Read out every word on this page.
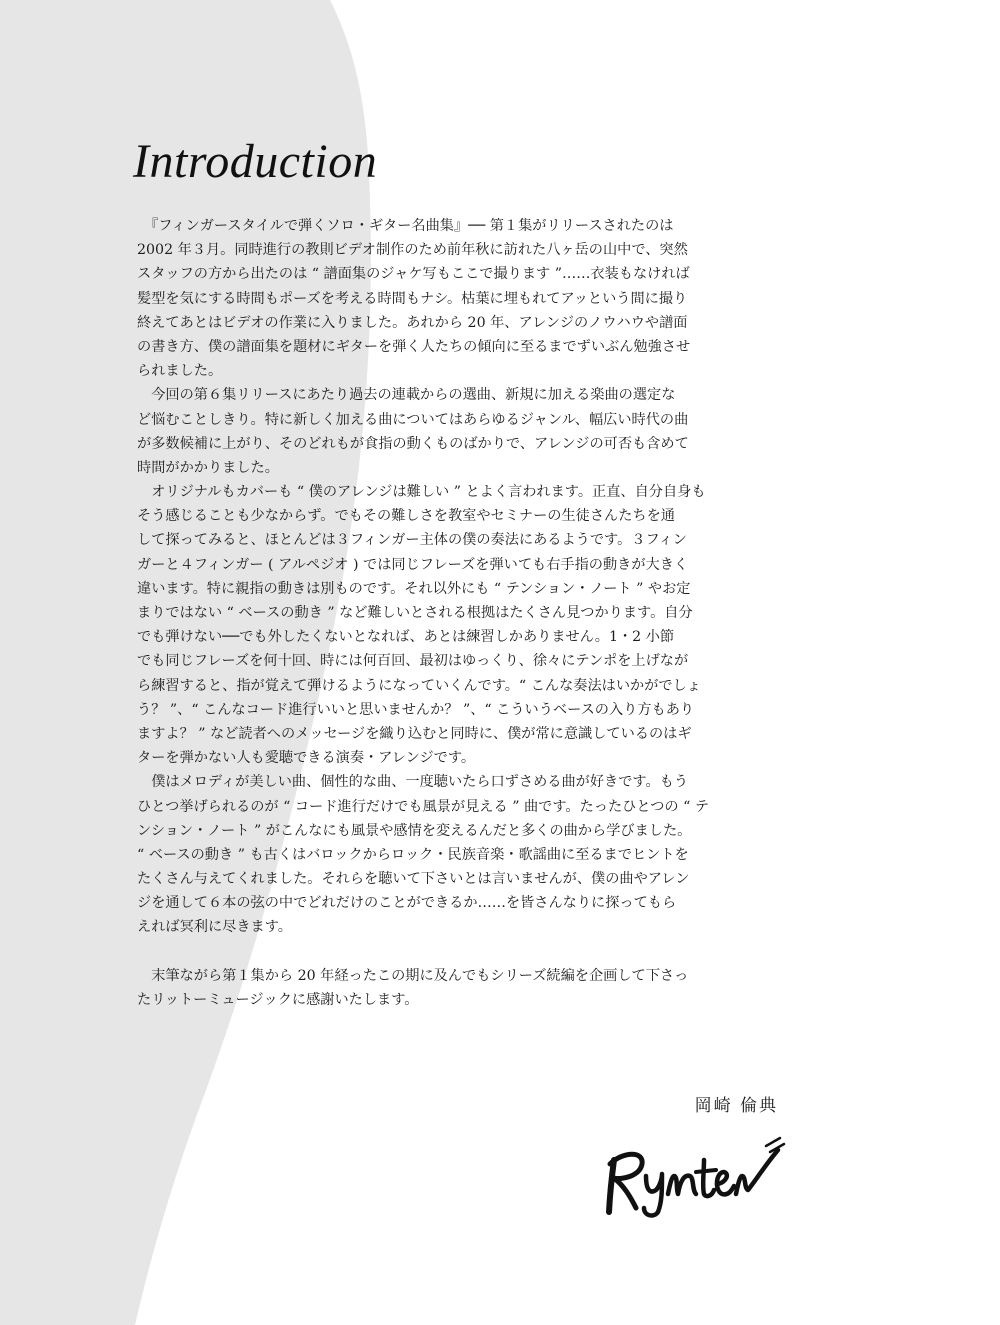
Introduction
　『フィンガースタイルで弾くソロ・ギター名曲集』── 第１集がリリースされたのは
2002 年３月。同時進行の教則ビデオ制作のため前年秋に訪れた八ヶ岳の山中で、突然
スタッフの方から出たのは “ 譜面集のジャケ写もここで撮ります ”……衣装もなければ
髪型を気にする時間もポーズを考える時間もナシ。枯葉に埋もれてアッという間に撮り
終えてあとはビデオの作業に入りました。あれから 20 年、アレンジのノウハウや譜面
の書き方、僕の譜面集を題材にギターを弾く人たちの傾向に至るまでずいぶん勉強させ
られました。
　今回の第６集リリースにあたり過去の連載からの選曲、新規に加える楽曲の選定な
ど悩むことしきり。特に新しく加える曲についてはあらゆるジャンル、幅広い時代の曲
が多数候補に上がり、そのどれもが食指の動くものばかりで、アレンジの可否も含めて
時間がかかりました。
　オリジナルもカバーも “ 僕のアレンジは難しい ” とよく言われます。正直、自分自身も
そう感じることも少なからず。でもその難しさを教室やセミナーの生徒さんたちを通
して探ってみると、ほとんどは３フィンガー主体の僕の奏法にあるようです。３フィン
ガーと４フィンガー ( アルペジオ ) では同じフレーズを弾いても右手指の動きが大きく
違います。特に親指の動きは別ものです。それ以外にも “ テンション・ノート ” やお定
まりではない “ ベースの動き ” など難しいとされる根拠はたくさん見つかります。自分
でも弾けない──でも外したくないとなれば、あとは練習しかありません。1・2 小節
でも同じフレーズを何十回、時には何百回、最初はゆっくり、徐々にテンポを上げなが
ら練習すると、指が覚えて弾けるようになっていくんです。“ こんな奏法はいかがでしょ
う？ ”、“ こんなコード進行いいと思いませんか？ ”、“ こういうベースの入り方もあり
ますよ？ ” など読者へのメッセージを織り込むと同時に、僕が常に意識しているのはギ
ターを弾かない人も愛聴できる演奏・アレンジです。
　僕はメロディが美しい曲、個性的な曲、一度聴いたら口ずさめる曲が好きです。もう
ひとつ挙げられるのが “ コード進行だけでも風景が見える ” 曲です。たったひとつの “ テ
ンション・ノート ” がこんなにも風景や感情を変えるんだと多くの曲から学びました。
“ ベースの動き ” も古くはバロックからロック・民族音楽・歌謡曲に至るまでヒントを
たくさん与えてくれました。それらを聴いて下さいとは言いませんが、僕の曲やアレン
ジを通して６本の弦の中でどれだけのことができるか……を皆さんなりに探ってもら
えれば冥利に尽きます。
　末筆ながら第１集から 20 年経ったこの期に及んでもシリーズ続編を企画して下さっ
たリットーミュージックに感謝いたします。
岡崎 倫典
